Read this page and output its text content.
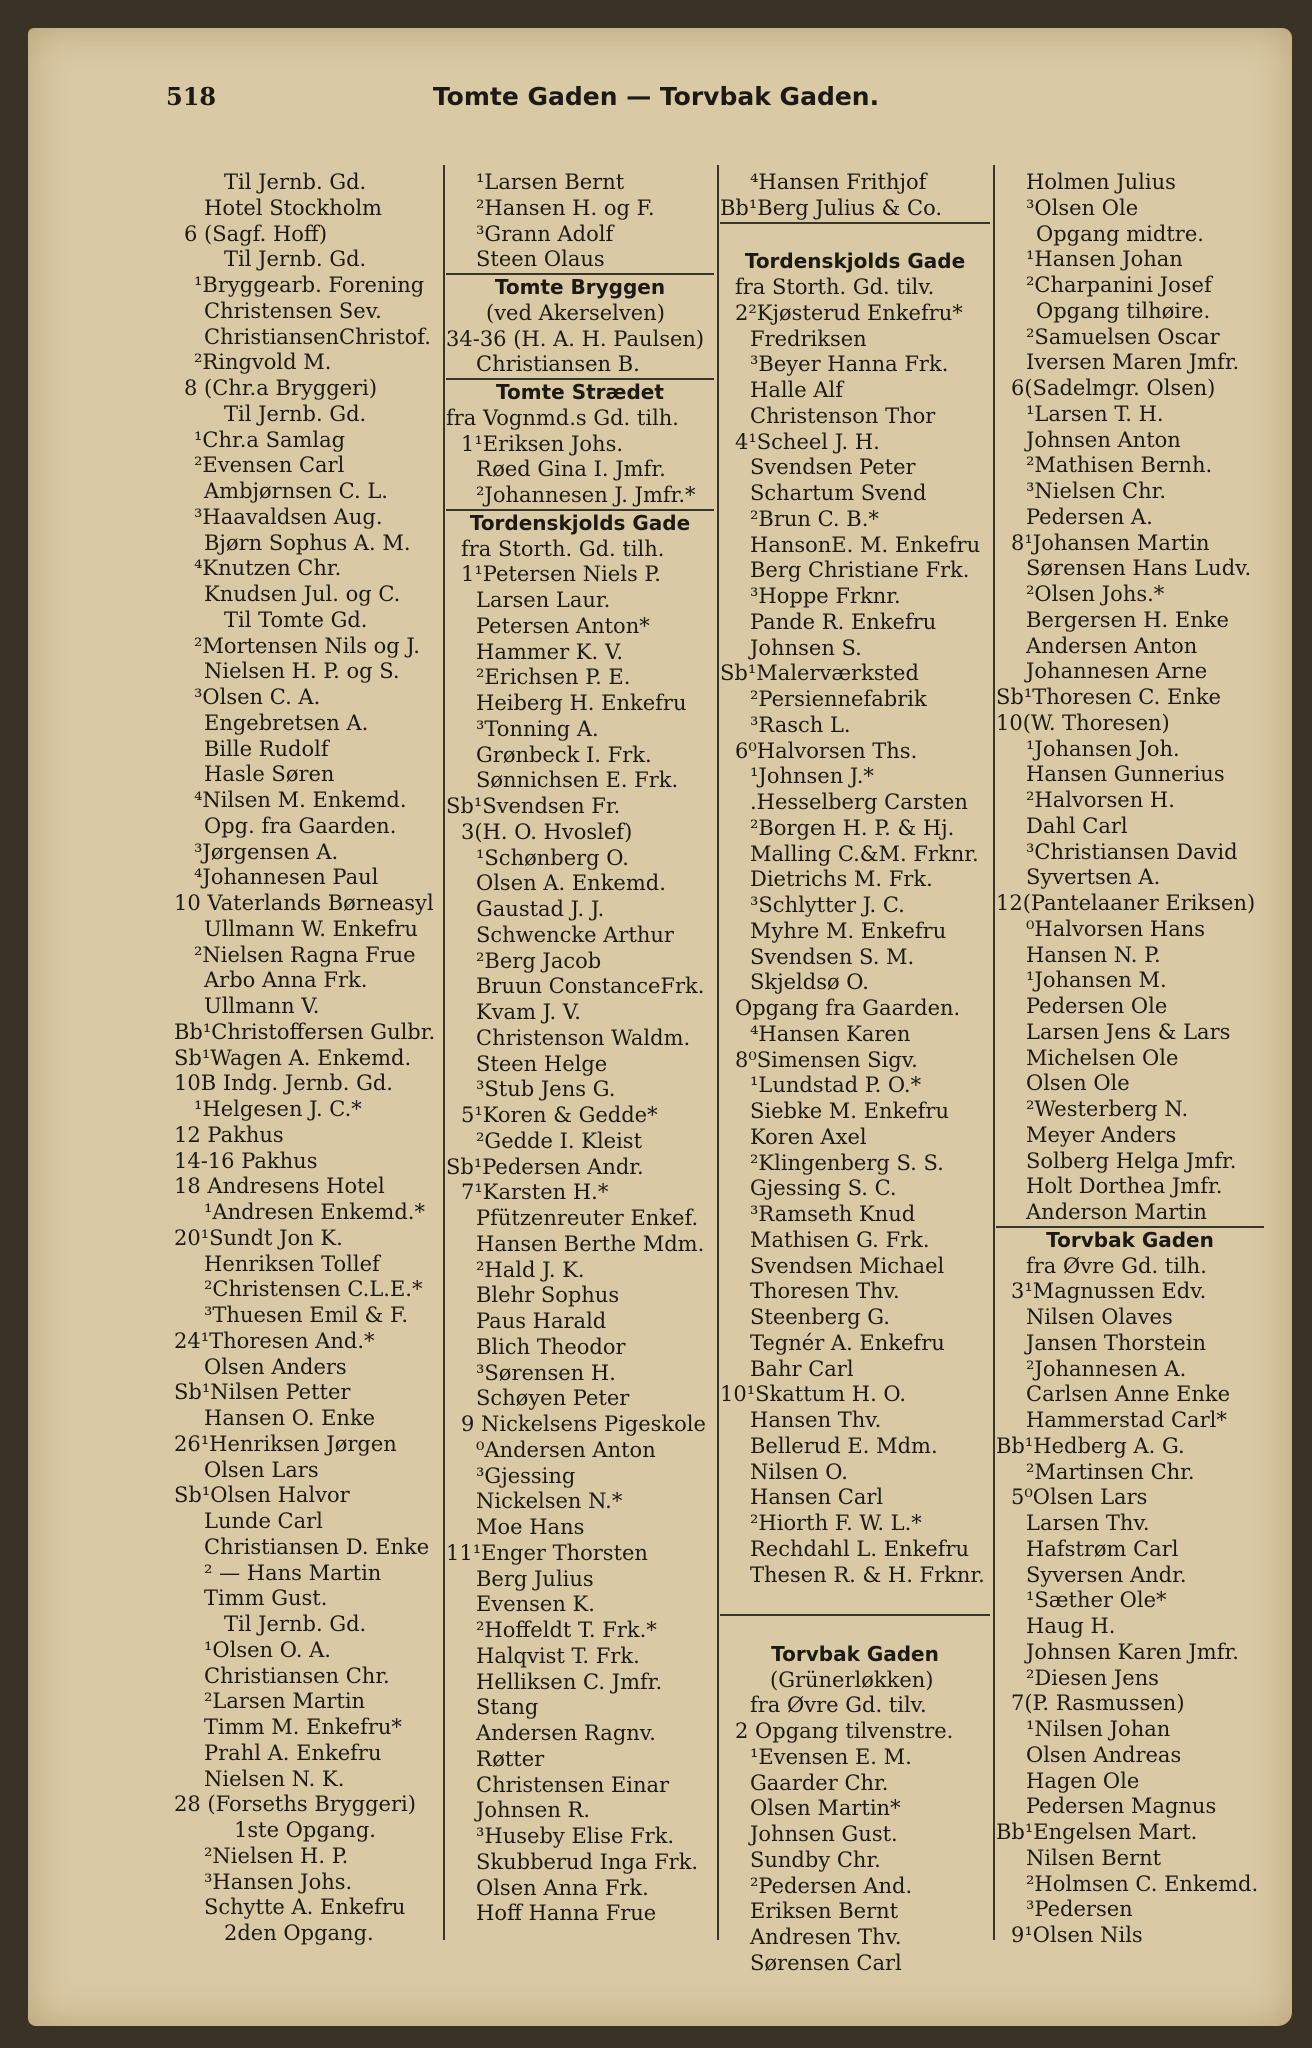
518	Tomte Gaden — Torvbak Gaden.
Til Jernb. Gd.
Hotel Stockholm
6 (Sagf. Hoff)
Til Jernb. Gd.
¹Bryggearb. Forening
Christensen Sev.
ChristiansenChristof.
²Ringvold M.
8 (Chr.a Bryggeri)
Til Jernb. Gd.
¹Chr.a Samlag
²Evensen Carl
Ambjørnsen C. L.
³Haavaldsen Aug.
Bjørn Sophus A. M.
⁴Knutzen Chr.
Knudsen Jul. og C.
Til Tomte Gd.
²Mortensen Nils og J.
Nielsen H. P. og S.
³Olsen C. A.
Engebretsen A.
Bille Rudolf
Hasle Søren
⁴Nilsen M. Enkemd.
Opg. fra Gaarden.
³Jørgensen A.
⁴Johannesen Paul
10 Vaterlands Børneasyl
Ullmann W. Enkefru
²Nielsen Ragna Frue
Arbo Anna Frk.
Ullmann V.
Bb¹Christoffersen Gulbr.
Sb¹Wagen A. Enkemd.
10B Indg. Jernb. Gd.
¹Helgesen J. C.*
12 Pakhus
14-16 Pakhus
18 Andresens Hotel
¹Andresen Enkemd.*
20¹Sundt Jon K.
Henriksen Tollef
²Christensen C.L.E.*
³Thuesen Emil & F.
24¹Thoresen And.*
Olsen Anders
Sb¹Nilsen Petter
Hansen O. Enke
26¹Henriksen Jørgen
Olsen Lars
Sb¹Olsen Halvor
Lunde Carl
Christiansen D. Enke
² — Hans Martin
Timm Gust.
Til Jernb. Gd.
¹Olsen O. A.
Christiansen Chr.
²Larsen Martin
Timm M. Enkefru*
Prahl A. Enkefru
Nielsen N. K.
28 (Forseths Bryggeri)
1ste Opgang.
²Nielsen H. P.
³Hansen Johs.
Schytte A. Enkefru
2den Opgang.
¹Larsen Bernt
²Hansen H. og F.
³Grann Adolf
Steen Olaus
Tomte Bryggen
(ved Akerselven)
34-36 (H. A. H. Paulsen)
Christiansen B.
Tomte Strædet
fra Vognmd.s Gd. tilh.
1¹Eriksen Johs.
Røed Gina I. Jmfr.
²Johannesen J. Jmfr.*
Tordenskjolds Gade
fra Storth. Gd. tilh.
1¹Petersen Niels P.
Larsen Laur.
Petersen Anton*
Hammer K. V.
²Erichsen P. E.
Heiberg H. Enkefru
³Tonning A.
Grønbeck I. Frk.
Sønnichsen E. Frk.
Sb¹Svendsen Fr.
3(H. O. Hvoslef)
¹Schønberg O.
Olsen A. Enkemd.
Gaustad J. J.
Schwencke Arthur
²Berg Jacob
Bruun ConstanceFrk.
Kvam J. V.
Christenson Waldm.
Steen Helge
³Stub Jens G.
5¹Koren & Gedde*
²Gedde I. Kleist
Sb¹Pedersen Andr.
7¹Karsten H.*
Pfützenreuter Enkef.
Hansen Berthe Mdm.
²Hald J. K.
Blehr Sophus
Paus Harald
Blich Theodor
³Sørensen H.
Schøyen Peter
9 Nickelsens Pigeskole
⁰Andersen Anton
³Gjessing
Nickelsen N.*
Moe Hans
11¹Enger Thorsten
Berg Julius
Evensen K.
²Hoffeldt T. Frk.*
Halqvist T. Frk.
Helliksen C. Jmfr.
Stang
Andersen Ragnv.
Røtter
Christensen Einar
Johnsen R.
³Huseby Elise Frk.
Skubberud Inga Frk.
Olsen Anna Frk.
Hoff Hanna Frue
⁴Hansen Frithjof
Bb¹Berg Julius & Co.
Tordenskjolds Gade
fra Storth. Gd. tilv.
2²Kjøsterud Enkefru*
Fredriksen
³Beyer Hanna Frk.
Halle Alf
Christenson Thor
4¹Scheel J. H.
Svendsen Peter
Schartum Svend
²Brun C. B.*
HansonE. M. Enkefru
Berg Christiane Frk.
³Hoppe Frknr.
Pande R. Enkefru
Johnsen S.
Sb¹Malerværksted
²Persiennefabrik
³Rasch L.
6⁰Halvorsen Ths.
¹Johnsen J.*
.Hesselberg Carsten
²Borgen H. P. & Hj.
Malling C.&M. Frknr.
Dietrichs M. Frk.
³Schlytter J. C.
Myhre M. Enkefru
Svendsen S. M.
Skjeldsø O.
Opgang fra Gaarden.
⁴Hansen Karen
8⁰Simensen Sigv.
¹Lundstad P. O.*
Siebke M. Enkefru
Koren Axel
²Klingenberg S. S.
Gjessing S. C.
³Ramseth Knud
Mathisen G. Frk.
Svendsen Michael
Thoresen Thv.
Steenberg G.
Tegnér A. Enkefru
Bahr Carl
10¹Skattum H. O.
Hansen Thv.
Bellerud E. Mdm.
Nilsen O.
Hansen Carl
²Hiorth F. W. L.*
Rechdahl L. Enkefru
Thesen R. & H. Frknr.
Torvbak Gaden
(Grünerløkken)
fra Øvre Gd. tilv.
2 Opgang tilvenstre.
¹Evensen E. M.
Gaarder Chr.
Olsen Martin*
Johnsen Gust.
Sundby Chr.
²Pedersen And.
Eriksen Bernt
Andresen Thv.
Sørensen Carl
Holmen Julius
³Olsen Ole
Opgang midtre.
¹Hansen Johan
²Charpanini Josef
Opgang tilhøire.
²Samuelsen Oscar
Iversen Maren Jmfr.
6(Sadelmgr. Olsen)
¹Larsen T. H.
Johnsen Anton
²Mathisen Bernh.
³Nielsen Chr.
Pedersen A.
8¹Johansen Martin
Sørensen Hans Ludv.
²Olsen Johs.*
Bergersen H. Enke
Andersen Anton
Johannesen Arne
Sb¹Thoresen C. Enke
10(W. Thoresen)
¹Johansen Joh.
Hansen Gunnerius
²Halvorsen H.
Dahl Carl
³Christiansen David
Syvertsen A.
12(Pantelaaner Eriksen)
⁰Halvorsen Hans
Hansen N. P.
¹Johansen M.
Pedersen Ole
Larsen Jens & Lars
Michelsen Ole
Olsen Ole
²Westerberg N.
Meyer Anders
Solberg Helga Jmfr.
Holt Dorthea Jmfr.
Anderson Martin
Torvbak Gaden
fra Øvre Gd. tilh.
3¹Magnussen Edv.
Nilsen Olaves
Jansen Thorstein
²Johannesen A.
Carlsen Anne Enke
Hammerstad Carl*
Bb¹Hedberg A. G.
²Martinsen Chr.
5⁰Olsen Lars
Larsen Thv.
Hafstrøm Carl
Syversen Andr.
¹Sæther Ole*
Haug H.
Johnsen Karen Jmfr.
²Diesen Jens
7(P. Rasmussen)
¹Nilsen Johan
Olsen Andreas
Hagen Ole
Pedersen Magnus
Bb¹Engelsen Mart.
Nilsen Bernt
²Holmsen C. Enkemd.
³Pedersen
9¹Olsen Nils
